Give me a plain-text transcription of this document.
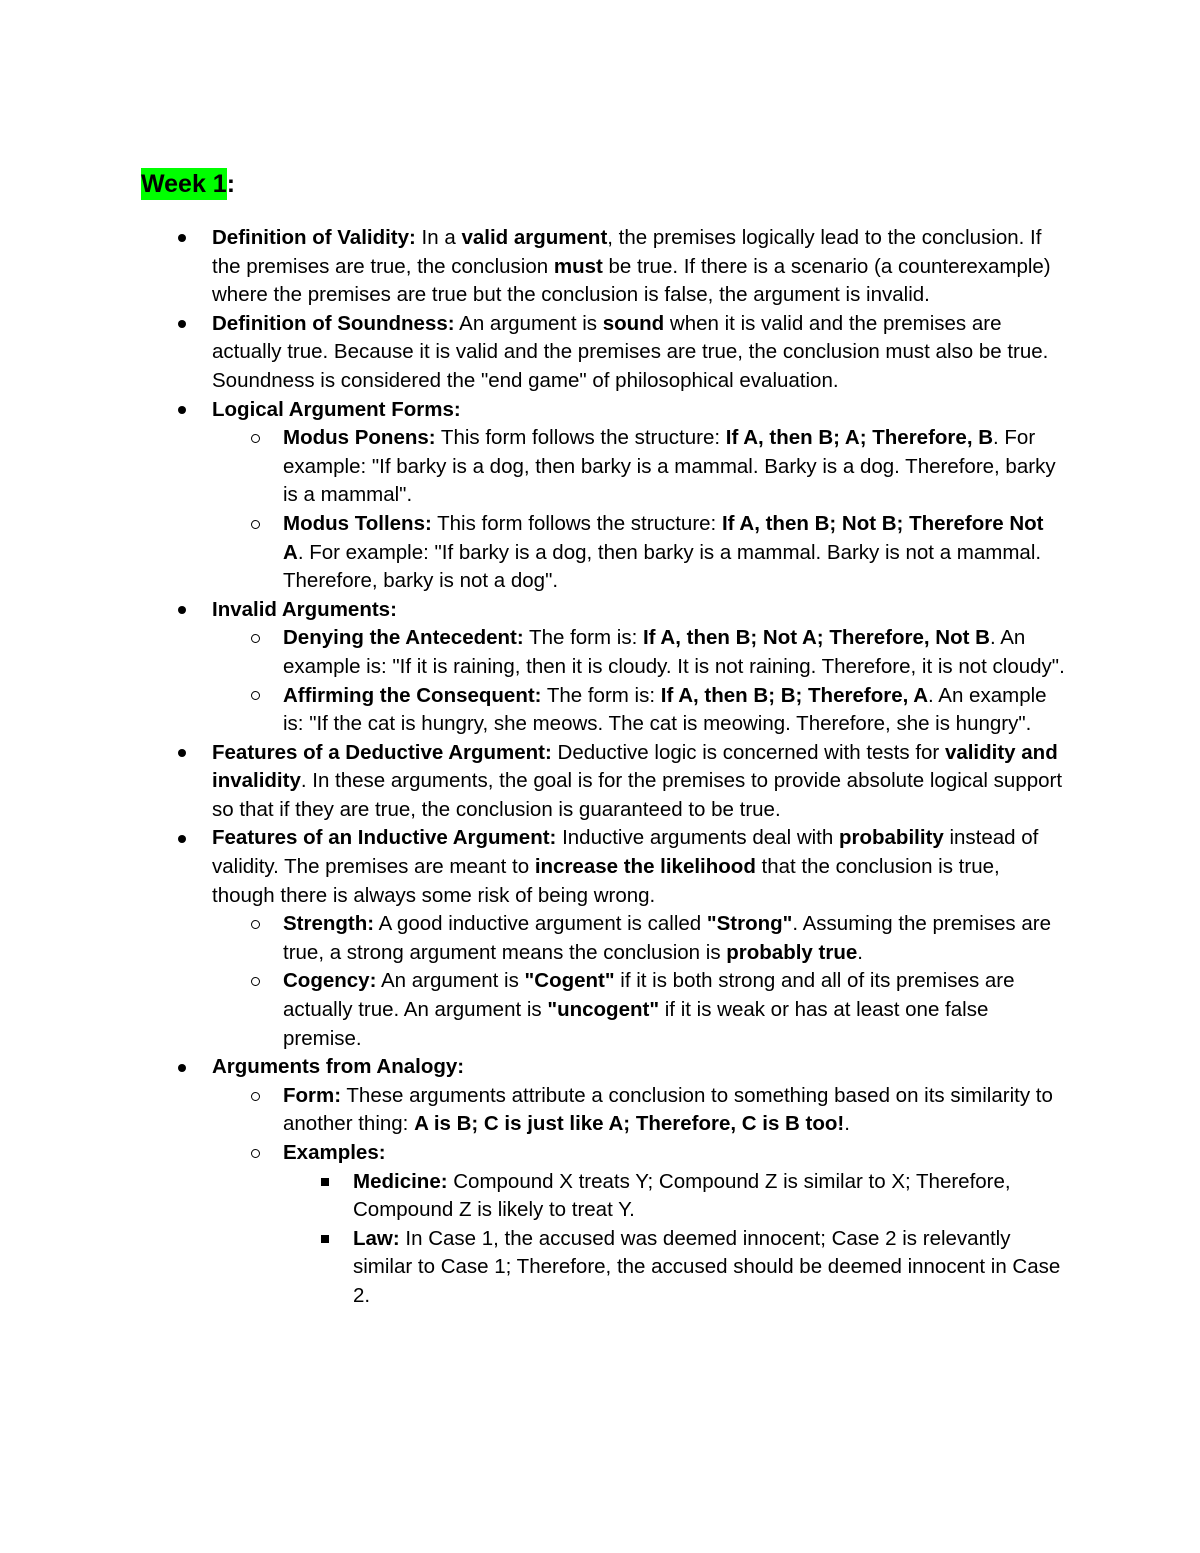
Week 1:
Definition of Validity: In a valid argument, the premises logically lead to the conclusion. If the premises are true, the conclusion must be true. If there is a scenario (a counterexample) where the premises are true but the conclusion is false, the argument is invalid.
Definition of Soundness: An argument is sound when it is valid and the premises are actually true. Because it is valid and the premises are true, the conclusion must also be true. Soundness is considered the "end game" of philosophical evaluation.
Logical Argument Forms:
Modus Ponens: This form follows the structure: If A, then B; A; Therefore, B. For example: "If barky is a dog, then barky is a mammal. Barky is a dog. Therefore, barky is a mammal".
Modus Tollens: This form follows the structure: If A, then B; Not B; Therefore Not A. For example: "If barky is a dog, then barky is a mammal. Barky is not a mammal. Therefore, barky is not a dog".
Invalid Arguments:
Denying the Antecedent: The form is: If A, then B; Not A; Therefore, Not B. An example is: "If it is raining, then it is cloudy. It is not raining. Therefore, it is not cloudy".
Affirming the Consequent: The form is: If A, then B; B; Therefore, A. An example is: "If the cat is hungry, she meows. The cat is meowing. Therefore, she is hungry".
Features of a Deductive Argument: Deductive logic is concerned with tests for validity and invalidity. In these arguments, the goal is for the premises to provide absolute logical support so that if they are true, the conclusion is guaranteed to be true.
Features of an Inductive Argument: Inductive arguments deal with probability instead of validity. The premises are meant to increase the likelihood that the conclusion is true, though there is always some risk of being wrong.
Strength: A good inductive argument is called "Strong". Assuming the premises are true, a strong argument means the conclusion is probably true.
Cogency: An argument is "Cogent" if it is both strong and all of its premises are actually true. An argument is "uncogent" if it is weak or has at least one false premise.
Arguments from Analogy:
Form: These arguments attribute a conclusion to something based on its similarity to another thing: A is B; C is just like A; Therefore, C is B too!.
Examples:
Medicine: Compound X treats Y; Compound Z is similar to X; Therefore, Compound Z is likely to treat Y.
Law: In Case 1, the accused was deemed innocent; Case 2 is relevantly similar to Case 1; Therefore, the accused should be deemed innocent in Case 2.
